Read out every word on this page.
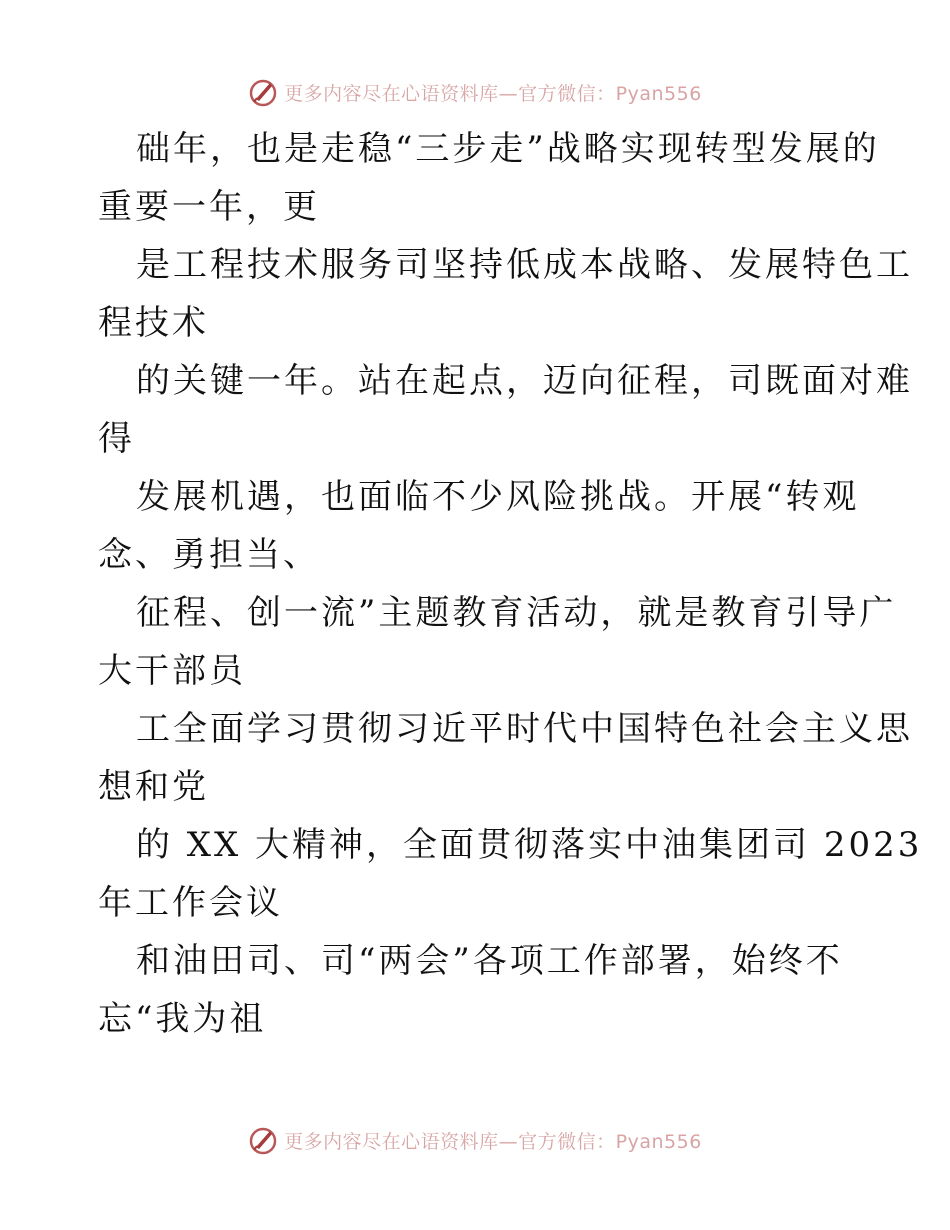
更多内容尽在心语资料库—官方微信：Pyan556
础年，也是走稳“三步走”战略实现转型发展的
重要一年，更
是工程技术服务司坚持低成本战略、发展特色工
程技术
的关键一年。站在起点，迈向征程，司既面对难
得
发展机遇，也面临不少风险挑战。开展“转观
念、勇担当、
征程、创一流”主题教育活动，就是教育引导广
大干部员
工全面学习贯彻习近平时代中国特色社会主义思
想和党
的 XX 大精神，全面贯彻落实中油集团司 2023
年工作会议
和油田司、司“两会”各项工作部署，始终不
忘“我为祖
更多内容尽在心语资料库—官方微信：Pyan556
